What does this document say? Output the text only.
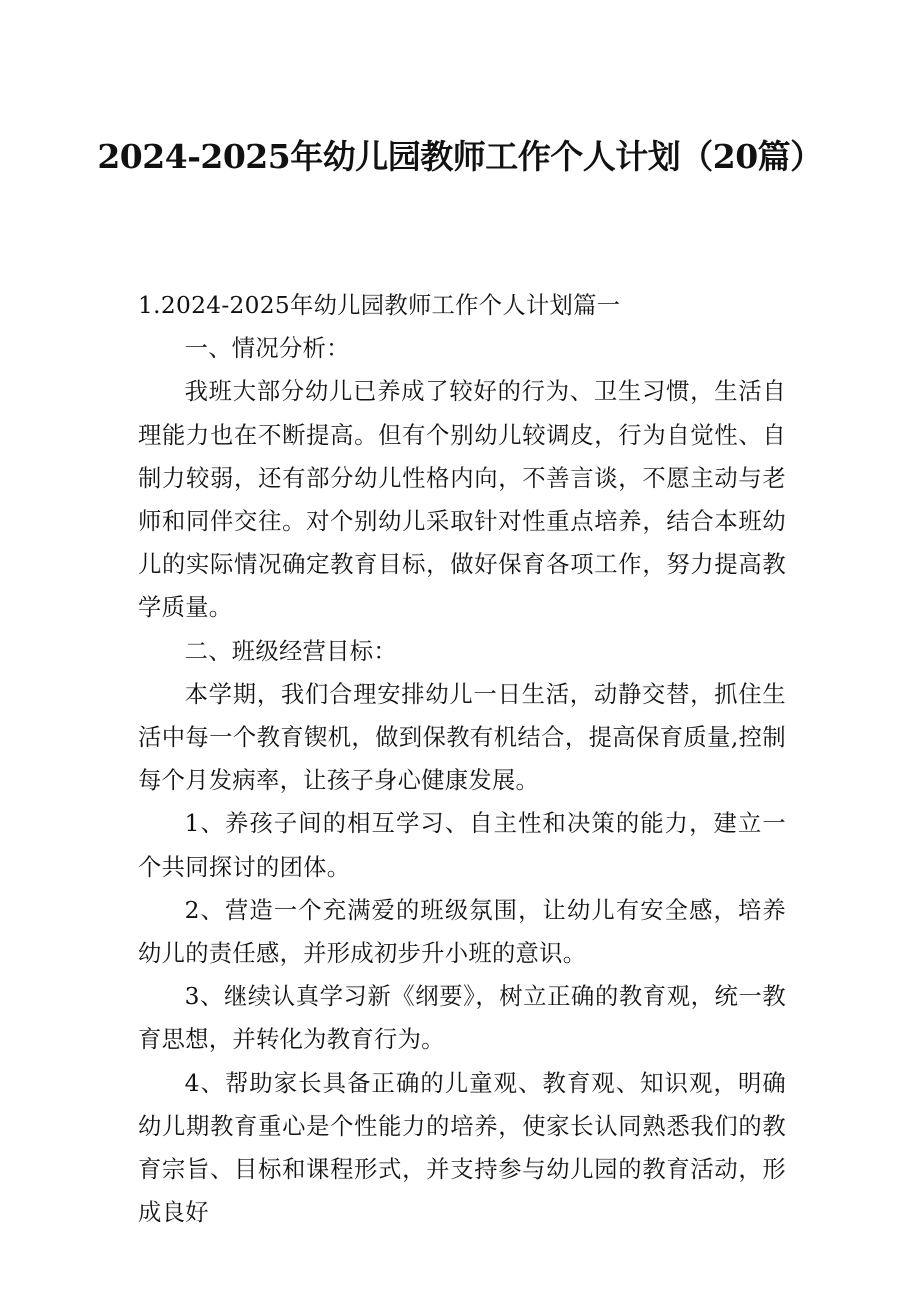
2024-2025年幼儿园教师工作个人计划（20篇）

1.2024-2025年幼儿园教师工作个人计划篇一

一、情况分析：

我班大部分幼儿已养成了较好的行为、卫生习惯，生活自理能力也在不断提高。但有个别幼儿较调皮，行为自觉性、自制力较弱，还有部分幼儿性格内向，不善言谈，不愿主动与老师和同伴交往。对个别幼儿采取针对性重点培养，结合本班幼儿的实际情况确定教育目标，做好保育各项工作，努力提高教学质量。

二、班级经营目标：

本学期，我们合理安排幼儿一日生活，动静交替，抓住生活中每一个教育锲机，做到保教有机结合，提高保育质量,控制每个月发病率，让孩子身心健康发展。

1、养孩子间的相互学习、自主性和决策的能力，建立一个共同探讨的团体。

2、营造一个充满爱的班级氛围，让幼儿有安全感，培养幼儿的责任感，并形成初步升小班的意识。

3、继续认真学习新《纲要》，树立正确的教育观，统一教育思想，并转化为教育行为。

4、帮助家长具备正确的儿童观、教育观、知识观，明确幼儿期教育重心是个性能力的培养，使家长认同熟悉我们的教育宗旨、目标和课程形式，并支持参与幼儿园的教育活动，形成良好
